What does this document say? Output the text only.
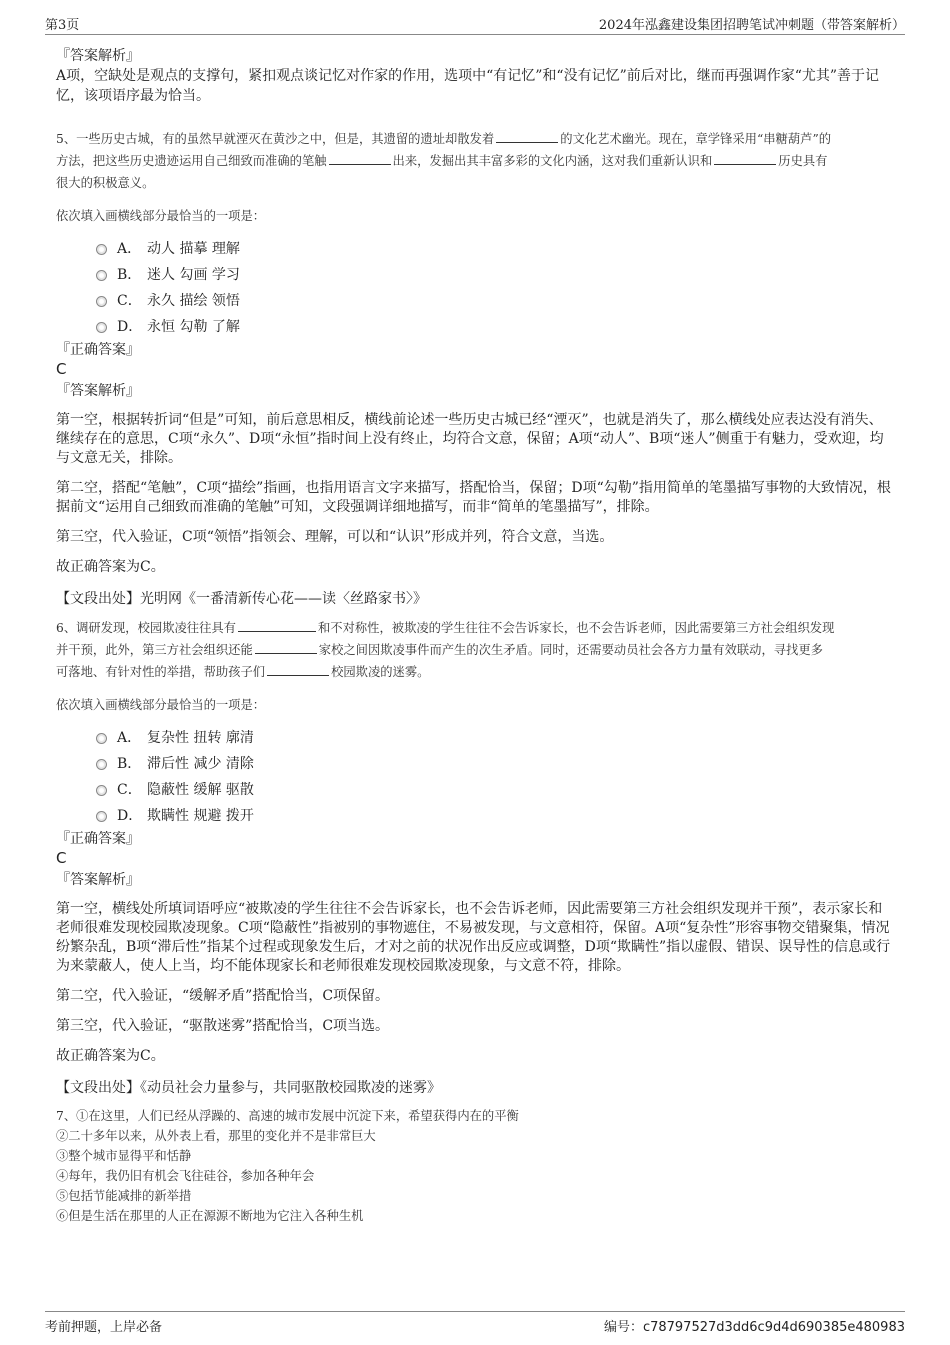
第3页	2024年泓鑫建设集团招聘笔试冲刺题（带答案解析）
『答案解析』
A项，空缺处是观点的支撑句，紧扣观点谈记忆对作家的作用，选项中“有记忆”和“没有记忆”前后对比，继而再强调作家“尤其”善于记忆，该项语序最为恰当。

5、一些历史古城，有的虽然早就湮灭在黄沙之中，但是，其遗留的遗址却散发着	的文化艺术幽光。现在，章学锋采用“串糖葫芦”的
方法，把这些历史遗迹运用自己细致而准确的笔触	出来，发掘出其丰富多彩的文化内涵，这对我们重新认识和	历史具有
很大的积极意义。

依次填入画横线部分最恰当的一项是：

A． 动人 描摹 理解
B． 迷人 勾画 学习
C． 永久 描绘 领悟
D． 永恒 勾勒 了解
『正确答案』
C
『答案解析』

第一空，根据转折词“但是”可知，前后意思相反，横线前论述一些历史古城已经“湮灭”，也就是消失了，那么横线处应表达没有消失、继续存在的意思，C项“永久”、D项“永恒”指时间上没有终止，均符合文意，保留；A项“动人”、B项“迷人”侧重于有魅力，受欢迎，均与文意无关，排除。

第二空，搭配“笔触”，C项“描绘”指画，也指用语言文字来描写，搭配恰当，保留；D项“勾勒”指用简单的笔墨描写事物的大致情况，根据前文“运用自己细致而准确的笔触”可知，文段强调详细地描写，而非“简单的笔墨描写”，排除。

第三空，代入验证，C项“领悟”指领会、理解，可以和“认识”形成并列，符合文意，当选。

故正确答案为C。

【文段出处】光明网《一番清新传心花——读〈丝路家书〉》

6、调研发现，校园欺凌往往具有	和不对称性，被欺凌的学生往往不会告诉家长，也不会告诉老师，因此需要第三方社会组织发现
并干预，此外，第三方社会组织还能	家校之间因欺凌事件而产生的次生矛盾。同时，还需要动员社会各方力量有效联动，寻找更多
可落地、有针对性的举措，帮助孩子们	校园欺凌的迷雾。

依次填入画横线部分最恰当的一项是：

A． 复杂性 扭转 廓清
B． 滞后性 减少 清除
C． 隐蔽性 缓解 驱散
D． 欺瞒性 规避 拨开
『正确答案』
C
『答案解析』

第一空，横线处所填词语呼应“被欺凌的学生往往不会告诉家长，也不会告诉老师，因此需要第三方社会组织发现并干预”，表示家长和老师很难发现校园欺凌现象。C项“隐蔽性”指被别的事物遮住，不易被发现，与文意相符，保留。A项“复杂性”形容事物交错聚集，情况纷繁杂乱，B项“滞后性”指某个过程或现象发生后，才对之前的状况作出反应或调整，D项“欺瞒性”指以虚假、错误、误导性的信息或行为来蒙蔽人，使人上当，均不能体现家长和老师很难发现校园欺凌现象，与文意不符，排除。

第二空，代入验证，“缓解矛盾”搭配恰当，C项保留。

第三空，代入验证，“驱散迷雾”搭配恰当，C项当选。

故正确答案为C。

【文段出处】《动员社会力量参与，共同驱散校园欺凌的迷雾》

7、①在这里，人们已经从浮躁的、高速的城市发展中沉淀下来，希望获得内在的平衡

②二十多年以来，从外表上看，那里的变化并不是非常巨大

③整个城市显得平和恬静

④每年，我仍旧有机会飞往硅谷，参加各种年会

⑤包括节能减排的新举措

⑥但是生活在那里的人正在源源不断地为它注入各种生机

考前押题，上岸必备	编号：c78797527d3dd6c9d4d690385e480983
